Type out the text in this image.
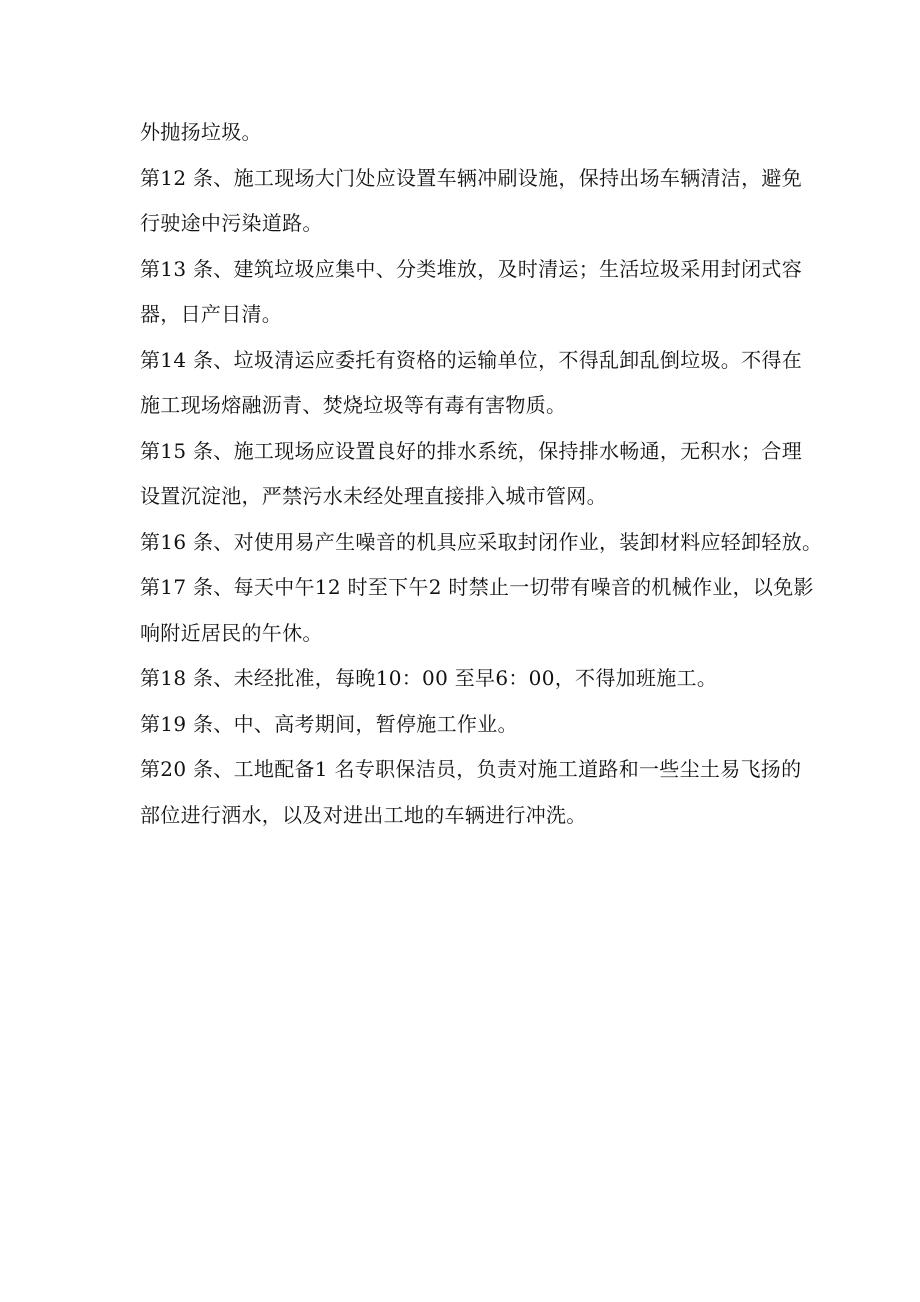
外抛扬垃圾。
第12 条、施工现场大门处应设置车辆冲刷设施，保持出场车辆清洁，避免
行驶途中污染道路。
第13 条、建筑垃圾应集中、分类堆放，及时清运；生活垃圾采用封闭式容
器，日产日清。
第14 条、垃圾清运应委托有资格的运输单位，不得乱卸乱倒垃圾。不得在
施工现场熔融沥青、焚烧垃圾等有毒有害物质。
第15 条、施工现场应设置良好的排水系统，保持排水畅通，无积水；合理
设置沉淀池，严禁污水未经处理直接排入城市管网。
第16 条、对使用易产生噪音的机具应采取封闭作业，装卸材料应轻卸轻放。
第17 条、每天中午12 时至下午2 时禁止一切带有噪音的机械作业，以免影
响附近居民的午休。
第18 条、未经批准，每晚10：00 至早6：00，不得加班施工。
第19 条、中、高考期间，暂停施工作业。
第20 条、工地配备1 名专职保洁员，负责对施工道路和一些尘土易飞扬的
部位进行洒水，以及对进出工地的车辆进行冲洗。
